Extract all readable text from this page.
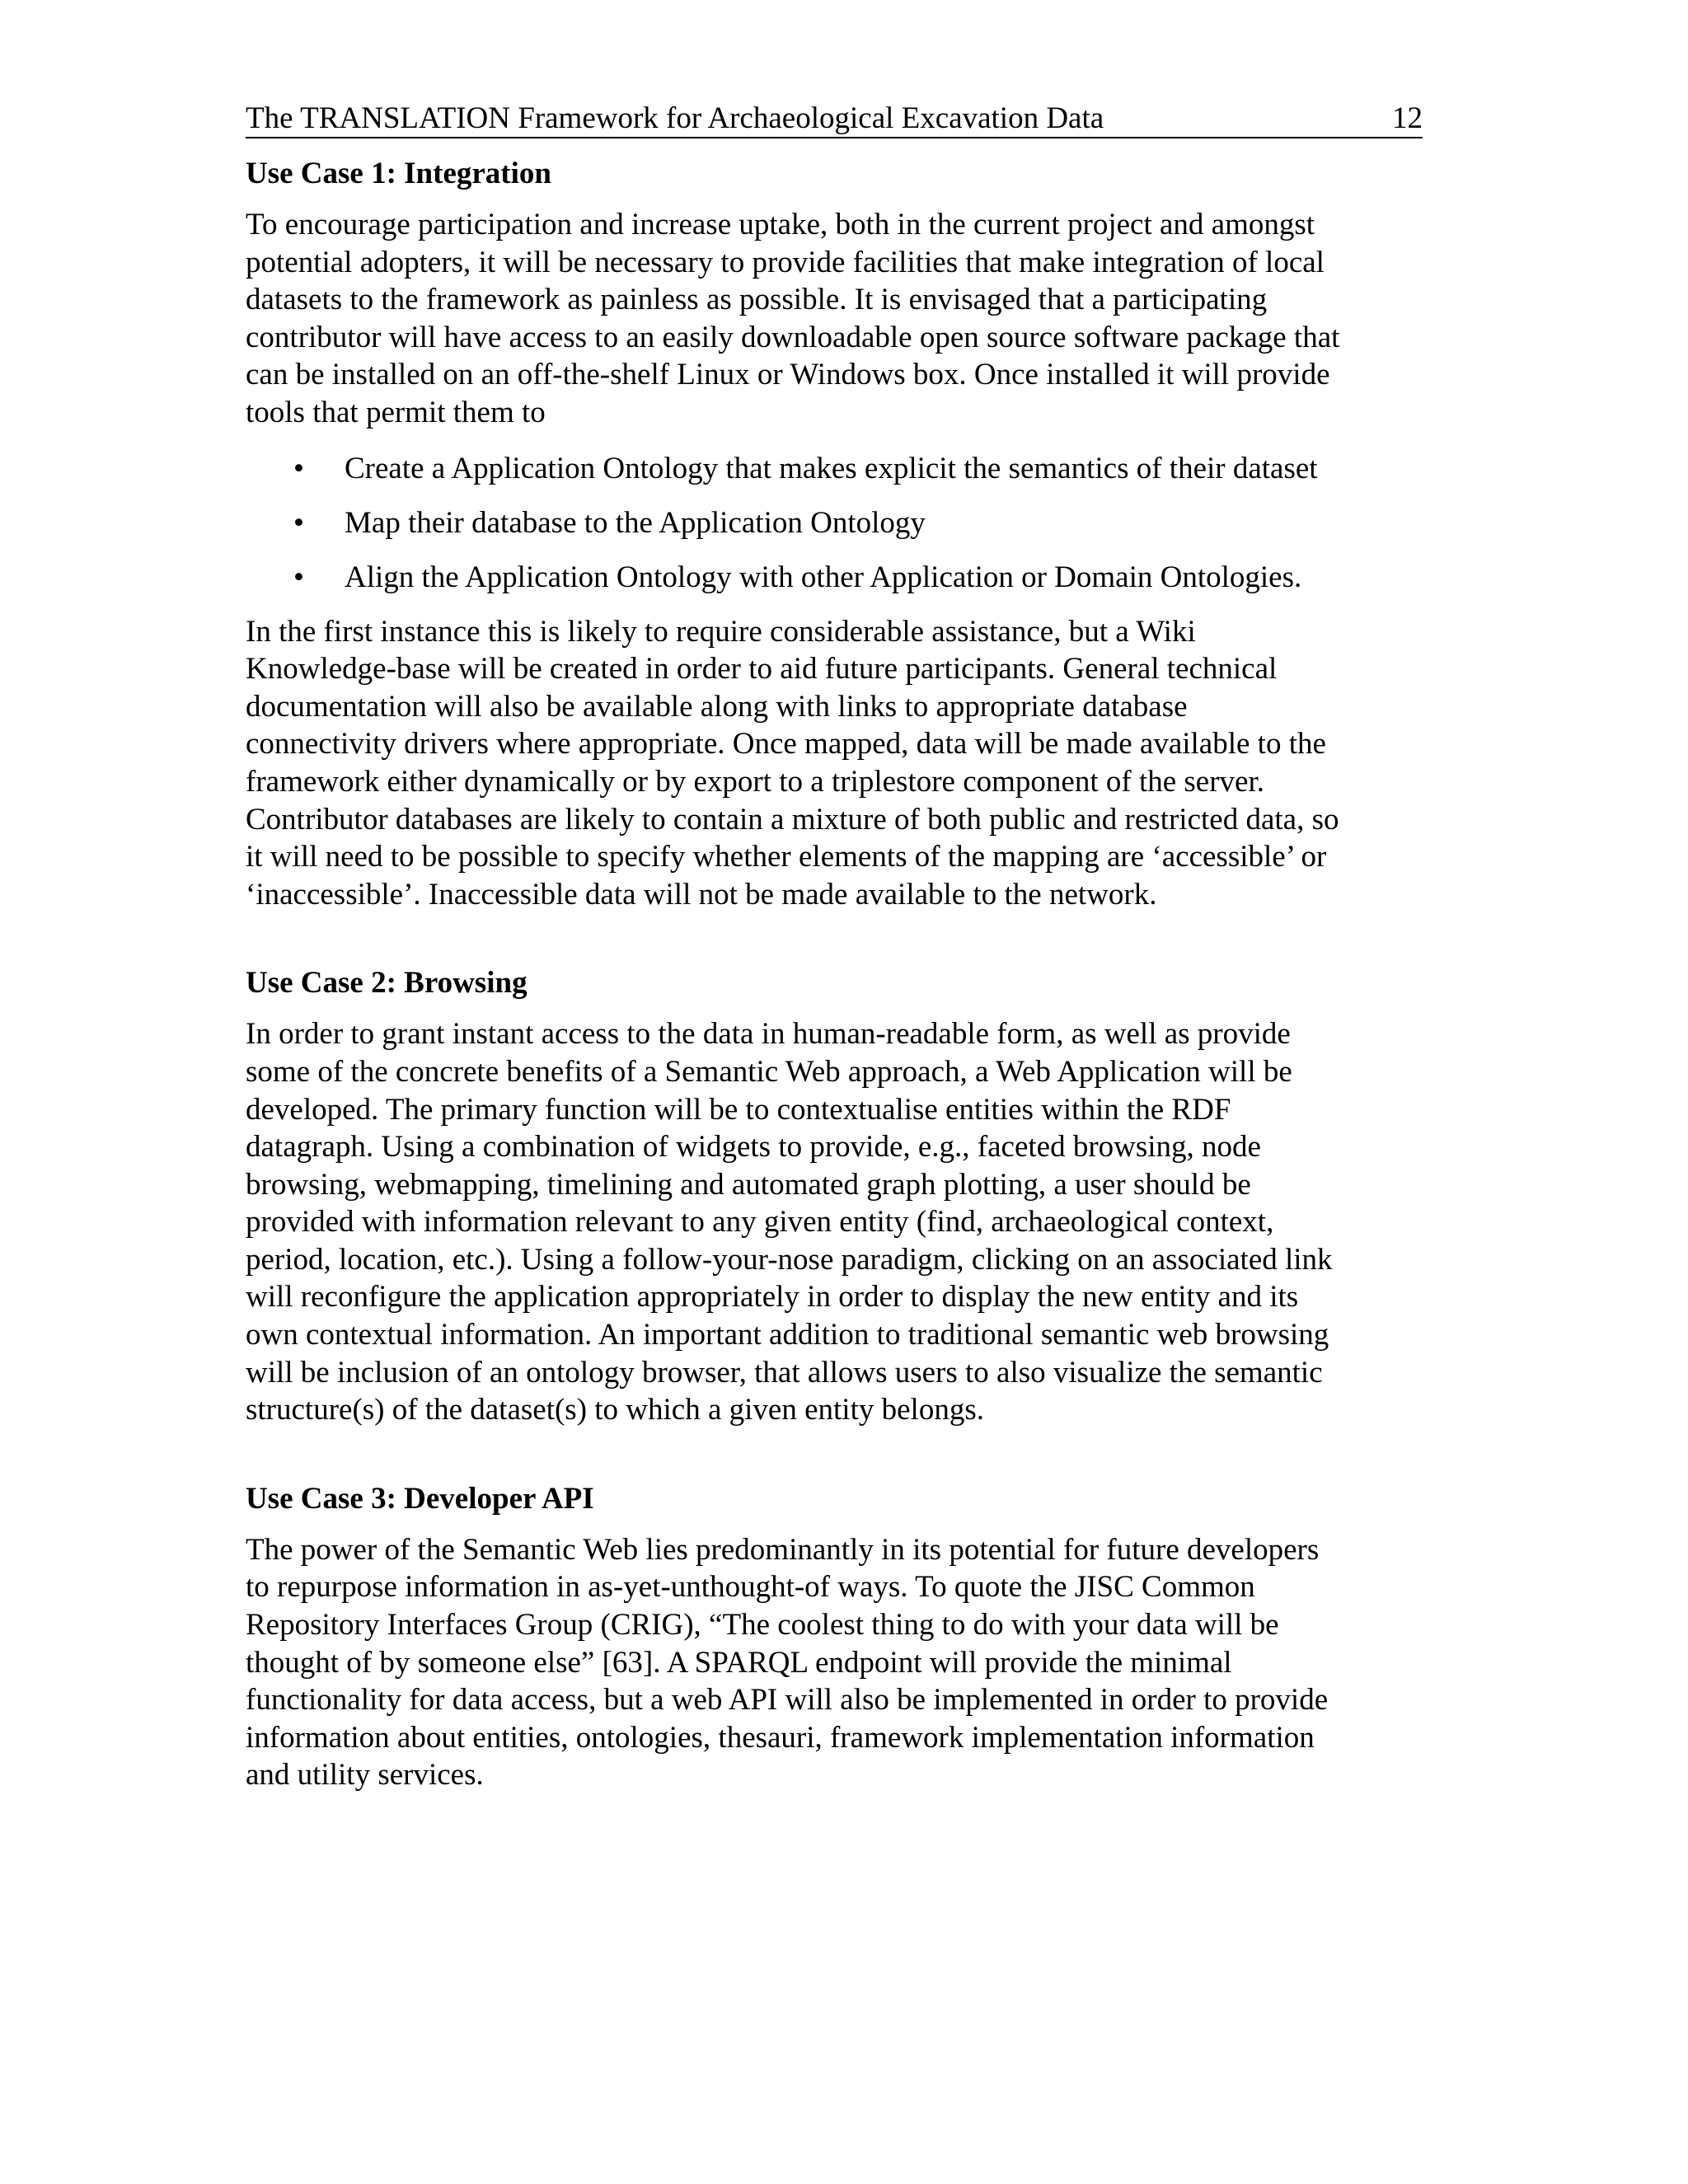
The TRANSLATION Framework for Archaeological Excavation Data	12
Use Case 1: Integration

To encourage participation and increase uptake, both in the current project and amongst
potential adopters, it will be necessary to provide facilities that make integration of local
datasets to the framework as painless as possible. It is envisaged that a participating
contributor will have access to an easily downloadable open source software package that
can be installed on an off-the-shelf Linux or Windows box. Once installed it will provide
tools that permit them to

• Create a Application Ontology that makes explicit the semantics of their dataset
• Map their database to the Application Ontology
• Align the Application Ontology with other Application or Domain Ontologies.

In the first instance this is likely to require considerable assistance, but a Wiki
Knowledge-base will be created in order to aid future participants. General technical
documentation will also be available along with links to appropriate database
connectivity drivers where appropriate. Once mapped, data will be made available to the
framework either dynamically or by export to a triplestore component of the server.
Contributor databases are likely to contain a mixture of both public and restricted data, so
it will need to be possible to specify whether elements of the mapping are ‘accessible’ or
‘inaccessible’. Inaccessible data will not be made available to the network.

Use Case 2: Browsing

In order to grant instant access to the data in human-readable form, as well as provide
some of the concrete benefits of a Semantic Web approach, a Web Application will be
developed. The primary function will be to contextualise entities within the RDF
datagraph. Using a combination of widgets to provide, e.g., faceted browsing, node
browsing, webmapping, timelining and automated graph plotting, a user should be
provided with information relevant to any given entity (find, archaeological context,
period, location, etc.). Using a follow-your-nose paradigm, clicking on an associated link
will reconfigure the application appropriately in order to display the new entity and its
own contextual information. An important addition to traditional semantic web browsing
will be inclusion of an ontology browser, that allows users to also visualize the semantic
structure(s) of the dataset(s) to which a given entity belongs.

Use Case 3: Developer API

The power of the Semantic Web lies predominantly in its potential for future developers
to repurpose information in as-yet-unthought-of ways. To quote the JISC Common
Repository Interfaces Group (CRIG), “The coolest thing to do with your data will be
thought of by someone else” [63]. A SPARQL endpoint will provide the minimal
functionality for data access, but a web API will also be implemented in order to provide
information about entities, ontologies, thesauri, framework implementation information
and utility services.
